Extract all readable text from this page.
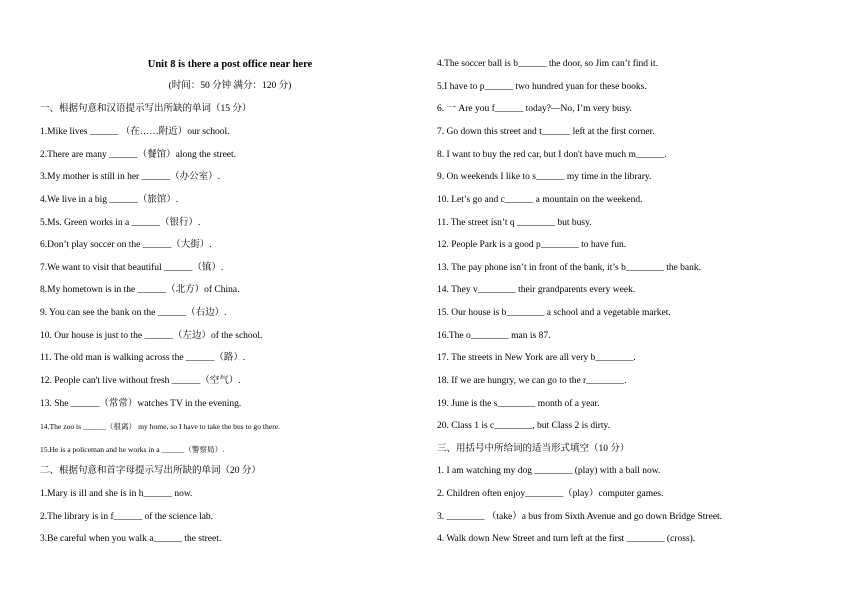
Unit 8 is there a post office near here
(时间：50 分钟 满分：120 分)
一、根据句意和汉语提示写出所缺的单词（15 分）
1.Mike lives ______ （在……附近）our school.
2.There are many ______（餐馆）along the street.
3.My mother is still in her ______（办公室）.
4.We live in a big ______（旅馆）.
5.Ms. Green works in a ______（银行）.
6.Don’t play soccer on the ______（大街）.
7.We want to visit that beautiful ______（镇）.
8.My hometown is in the ______（北方）of China.
9. You can see the bank on the ______（右边）.
10. Our house is just to the ______（左边）of the school.
11. The old man is walking across the ______（路）.
12. People can't live without fresh ______（空气）.
13. She ______（常常）watches TV in the evening.
14.The zoo is ______（很离） my home, so I have to take the bus to go there.
15.He is a policeman and he works in a ______（警察局）.
二、根据句意和首字母提示写出所缺的单词（20 分）
1.Mary is ill and she is in h______ now.
2.The library is in f______ of the science lab.
3.Be careful when you walk a______ the street.
4.The soccer ball is b______ the door, so Jim can’t find it.
5.I have to p______ two hundred yuan for these books.
6. 一 Are you f______ today?—No, I’m very busy.
7. Go down this street and t______ left at the first corner.
8. I want to buy the red car, but I don't have much m______.
9. On weekends I like to s______ my time in the library.
10. Let’s go and c______ a mountain on the weekend.
11. The street isn’t q ________ but busy.
12. People Park is a good p________ to have fun.
13. The pay phone isn’t in front of the bank, it’s b________ the bank.
14. They v________ their grandparents every week.
15. Our house is b________ a school and a vegetable market.
16.The o________ man is 87.
17. The streets in New York are all very b________.
18. If we are hungry, we can go to the r________.
19. June is the s________ month of a year.
20. Class 1 is c________, but Class 2 is dirty.
三、用括号中所给词的适当形式填空（10 分）
1. I am watching my dog ________ (play) with a ball now.
2. Children often enjoy________（play）computer games.
3. ________ （take）a bus from Sixth Avenue and go down Bridge Street.
4. Walk down New Street and turn left at the first ________ (cross).
